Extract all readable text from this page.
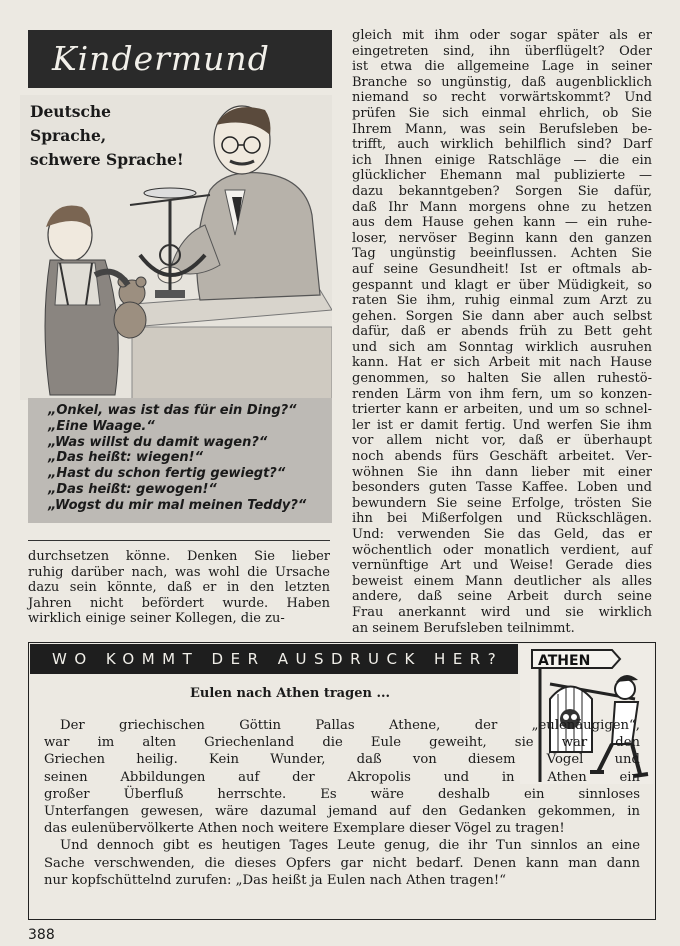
Kindermund
Deutsche Sprache,
schwere Sprache!
„Onkel, was ist das für ein Ding?“
„Eine Waage.“
„Was willst du damit wagen?“
„Das heißt: wiegen!“
„Hast du schon fertig gewiegt?“
„Das heißt: gewogen!“
„Wogst du mir mal meinen Teddy?“
durchsetzen könne. Denken Sie lieber
ruhig darüber nach, was wohl die Ursache
dazu sein könnte, daß er in den letzten
Jahren nicht befördert wurde. Haben
wirklich einige seiner Kollegen, die zu-
gleich mit ihm oder sogar später als er
eingetreten sind, ihn überflügelt? Oder
ist etwa die allgemeine Lage in seiner
Branche so ungünstig, daß augenblicklich
niemand so recht vorwärtskommt? Und
prüfen Sie sich einmal ehrlich, ob Sie
Ihrem Mann, was sein Berufsleben be-
trifft, auch wirklich behilflich sind? Darf
ich Ihnen einige Ratschläge — die ein
glücklicher Ehemann mal publizierte —
dazu bekanntgeben? Sorgen Sie dafür,
daß Ihr Mann morgens ohne zu hetzen
aus dem Hause gehen kann — ein ruhe-
loser, nervöser Beginn kann den ganzen
Tag ungünstig beeinflussen. Achten Sie
auf seine Gesundheit! Ist er oftmals ab-
gespannt und klagt er über Müdigkeit, so
raten Sie ihm, ruhig einmal zum Arzt zu
gehen. Sorgen Sie dann aber auch selbst
dafür, daß er abends früh zu Bett geht
und sich am Sonntag wirklich ausruhen
kann. Hat er sich Arbeit mit nach Hause
genommen, so halten Sie allen ruhestö-
renden Lärm von ihm fern, um so konzen-
trierter kann er arbeiten, und um so schnel-
ler ist er damit fertig. Und werfen Sie ihm
vor allem nicht vor, daß er überhaupt
noch abends fürs Geschäft arbeitet. Ver-
wöhnen Sie ihn dann lieber mit einer
besonders guten Tasse Kaffee. Loben und
bewundern Sie seine Erfolge, trösten Sie
ihn bei Mißerfolgen und Rückschlägen.
Und: verwenden Sie das Geld, das er
wöchentlich oder monatlich verdient, auf
vernünftige Art und Weise! Gerade dies
beweist einem Mann deutlicher als alles
andere, daß seine Arbeit durch seine
Frau anerkannt wird und sie wirklich
an seinem Berufsleben teilnimmt.
WO KOMMT DER AUSDRUCK HER?	ATHEN
Eulen nach Athen tragen ...
Der griechischen Göttin Pallas Athene, der „eulenäugigen“,
war im alten Griechenland die Eule geweiht, sie war den
Griechen heilig. Kein Wunder, daß von diesem Vogel und
seinen Abbildungen auf der Akropolis und in Athen ein
großer Überfluß herrschte. Es wäre deshalb ein sinnloses
Unterfangen gewesen, wäre dazumal jemand auf den Gedanken gekommen, in
das eulenübervölkerte Athen noch weitere Exemplare dieser Vögel zu tragen!
Und dennoch gibt es heutigen Tages Leute genug, die ihr Tun sinnlos an eine
Sache verschwenden, die dieses Opfers gar nicht bedarf. Denen kann man dann
nur kopfschüttelnd zurufen: „Das heißt ja Eulen nach Athen tragen!“
388
